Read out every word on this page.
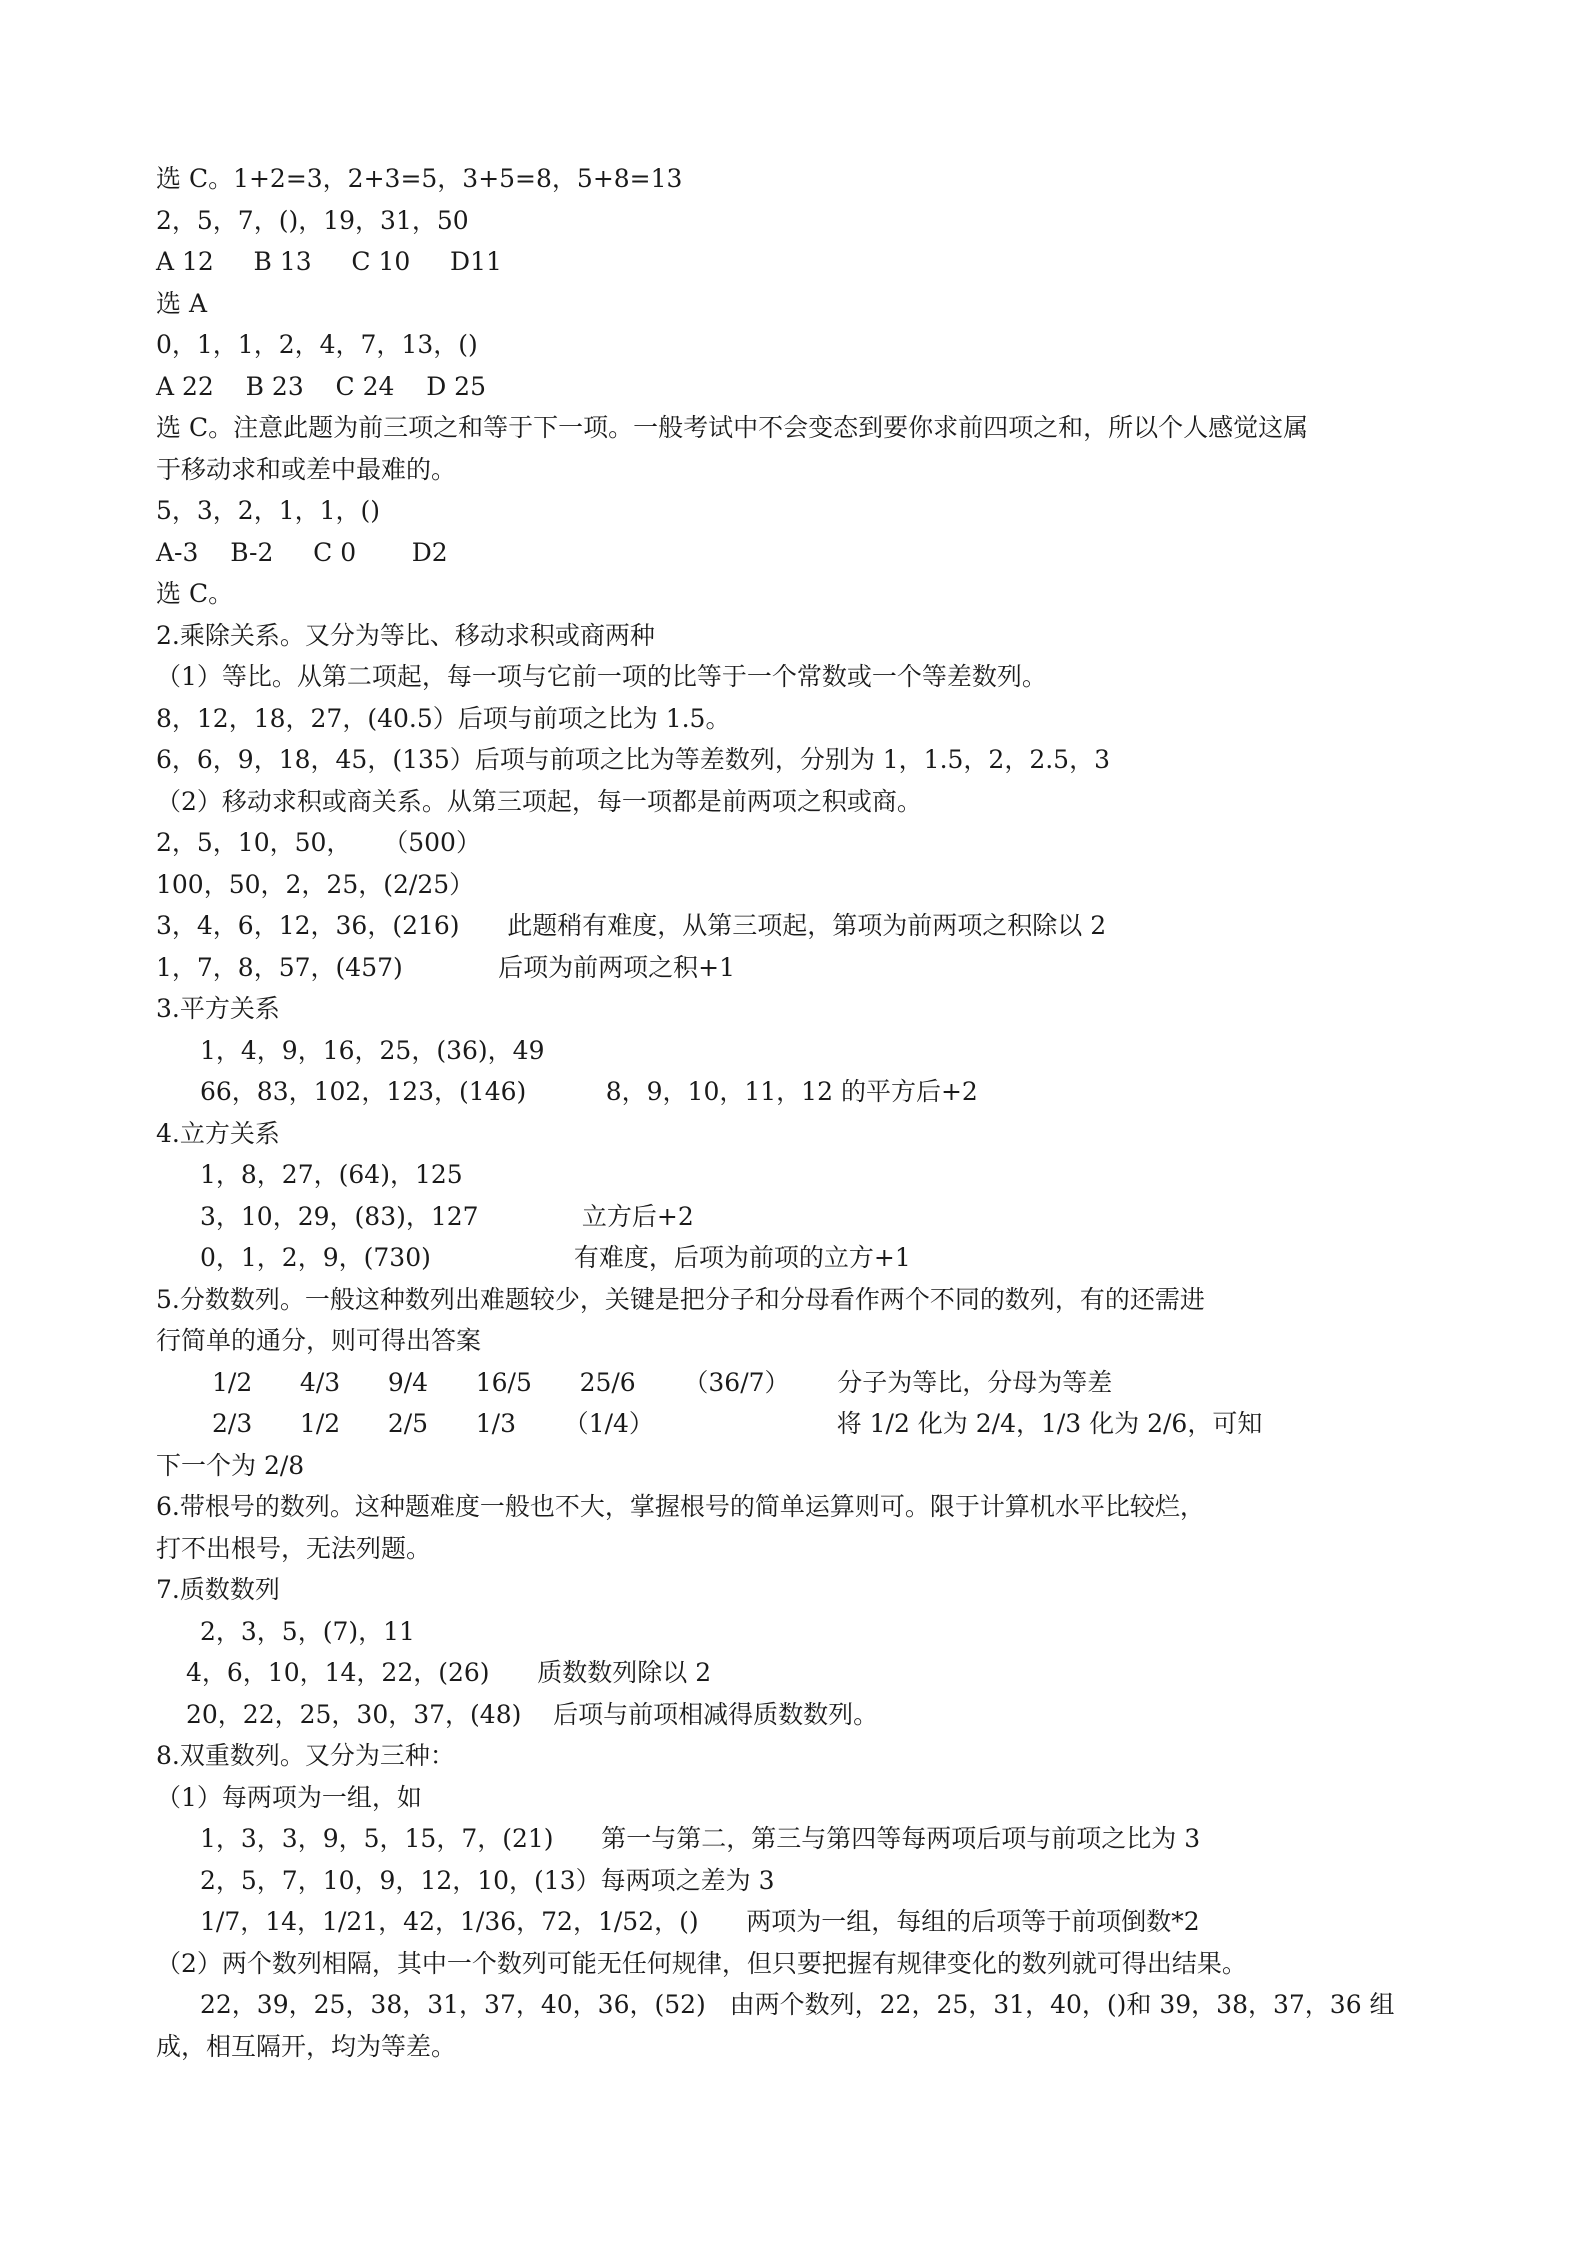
选 C。1+2=3，2+3=5，3+5=8，5+8=13
2，5，7，()，19，31，50
A 12     B 13     C 10     D11
选 A
0，1，1，2，4，7，13，()
A 22    B 23    C 24    D 25
选 C。注意此题为前三项之和等于下一项。一般考试中不会变态到要你求前四项之和，所以个人感觉这属
于移动求和或差中最难的。
5，3，2，1，1，()
A-3    B-2     C 0       D2
选 C。
2.乘除关系。又分为等比、移动求积或商两种
（1）等比。从第二项起，每一项与它前一项的比等于一个常数或一个等差数列。
8，12，18，27，(40.5）后项与前项之比为 1.5。
6，6，9，18，45，(135）后项与前项之比为等差数列，分别为 1，1.5，2，2.5，3
（2）移动求积或商关系。从第三项起，每一项都是前两项之积或商。
2，5，10，50，    （500）
100，50，2，25，(2/25）
3，4，6，12，36，(216)      此题稍有难度，从第三项起，第项为前两项之积除以 2
1，7，8，57，(457)            后项为前两项之积+1
3.平方关系
1，4，9，16，25，(36)，49
66，83，102，123，(146)          8，9，10，11，12 的平方后+2
4.立方关系
1，8，27，(64)，125
3，10，29，(83)，127             立方后+2
0，1，2，9，(730)                  有难度，后项为前项的立方+1
5.分数数列。一般这种数列出难题较少，关键是把分子和分母看作两个不同的数列，有的还需进
行简单的通分，则可得出答案
1/2      4/3      9/4      16/5      25/6      （36/7）      分子为等比，分母为等差
2/3      1/2      2/5      1/3      （1/4）                       将 1/2 化为 2/4，1/3 化为 2/6，可知
下一个为 2/8
6.带根号的数列。这种题难度一般也不大，掌握根号的简单运算则可。限于计算机水平比较烂，
打不出根号，无法列题。
7.质数数列
2，3，5，(7)，11
4，6，10，14，22，(26)      质数数列除以 2
20，22，25，30，37，(48)    后项与前项相减得质数数列。
8.双重数列。又分为三种：
（1）每两项为一组，如
1，3，3，9，5，15，7，(21)      第一与第二，第三与第四等每两项后项与前项之比为 3
2，5，7，10，9，12，10，(13）每两项之差为 3
1/7，14，1/21，42，1/36，72，1/52，()      两项为一组，每组的后项等于前项倒数*2
（2）两个数列相隔，其中一个数列可能无任何规律，但只要把握有规律变化的数列就可得出结果。
22，39，25，38，31，37，40，36，(52)   由两个数列，22，25，31，40，()和 39，38，37，36 组
成，相互隔开，均为等差。
